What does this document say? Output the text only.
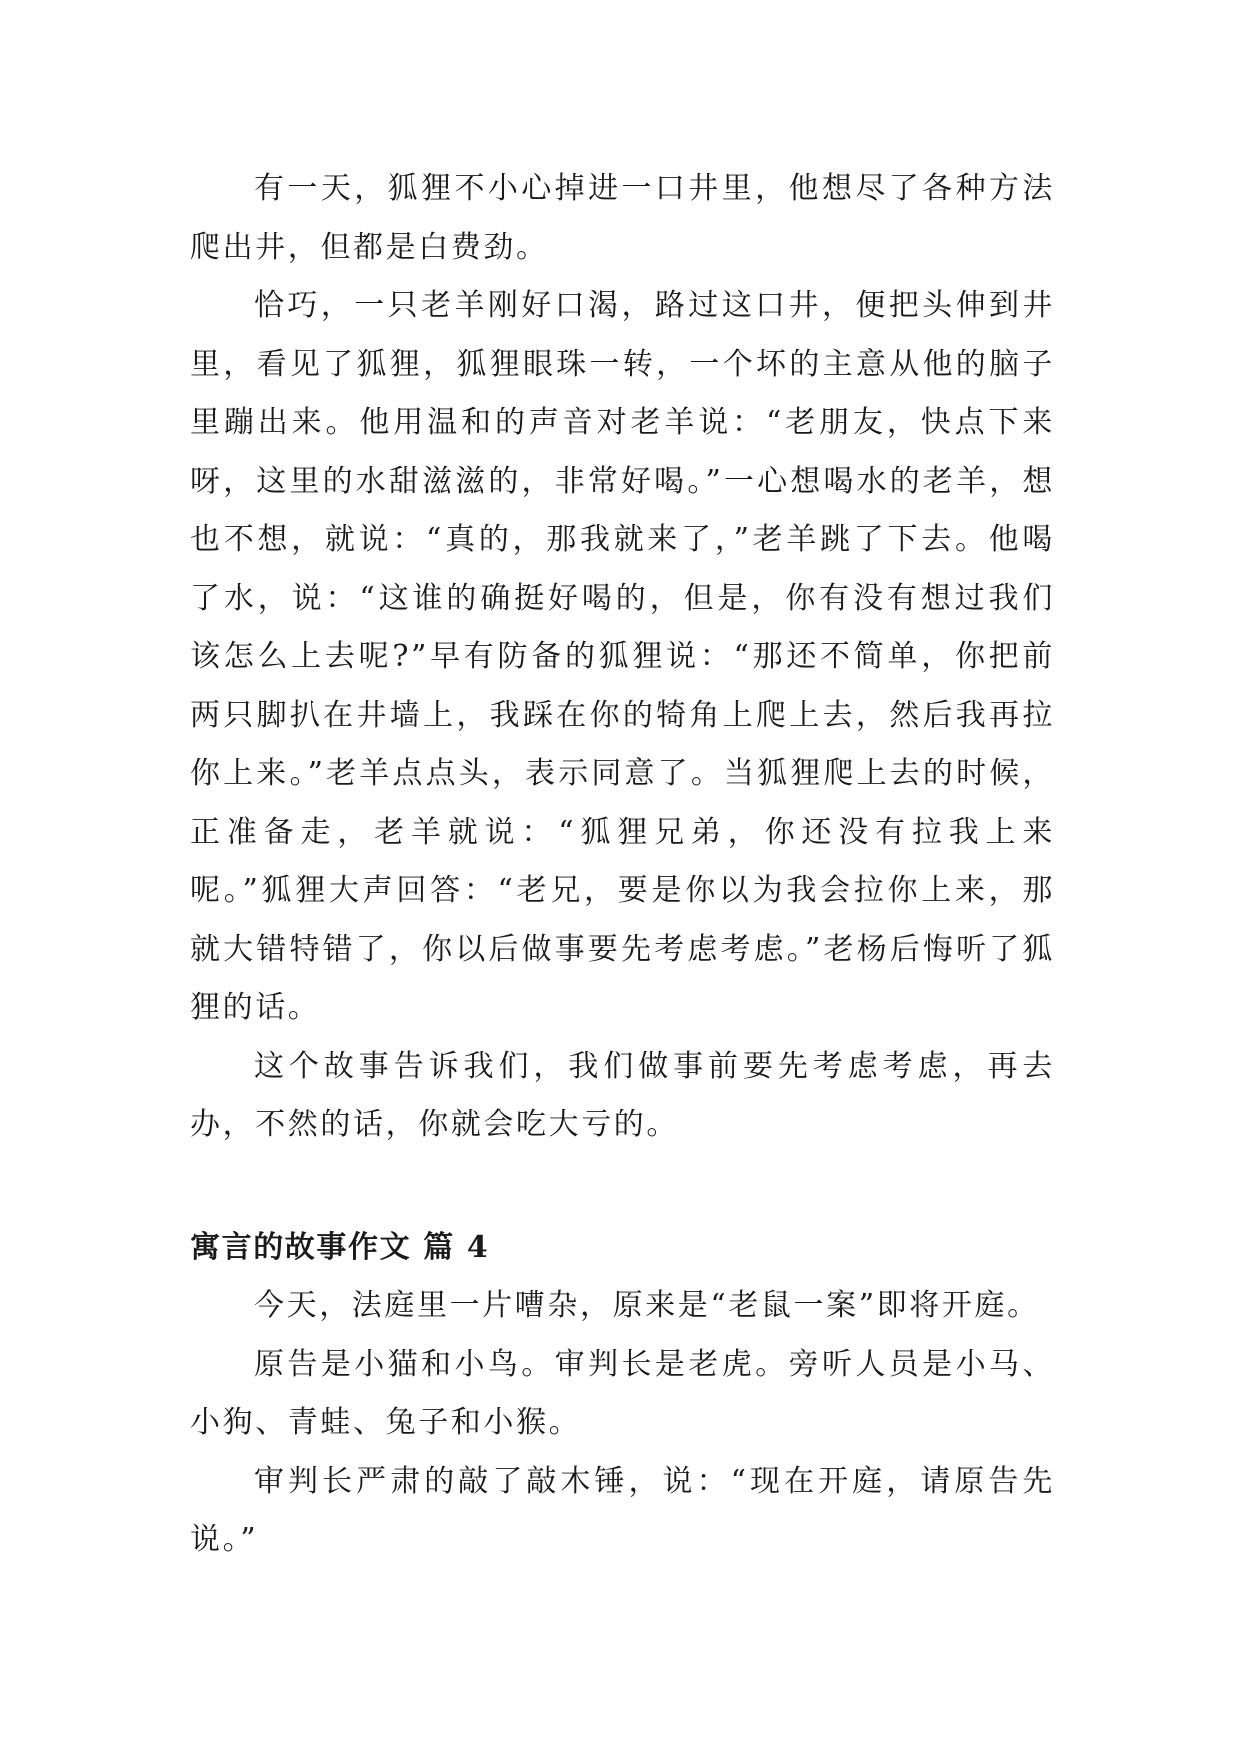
有一天，狐狸不小心掉进一口井里，他想尽了各种方法爬出井，但都是白费劲。

恰巧，一只老羊刚好口渴，路过这口井，便把头伸到井里，看见了狐狸，狐狸眼珠一转，一个坏的主意从他的脑子里蹦出来。他用温和的声音对老羊说：“老朋友，快点下来呀，这里的水甜滋滋的，非常好喝。”一心想喝水的老羊，想也不想，就说：“真的，那我就来了，”老羊跳了下去。他喝了水，说：“这谁的确挺好喝的，但是，你有没有想过我们该怎么上去呢?”早有防备的狐狸说：“那还不简单，你把前两只脚扒在井墙上，我踩在你的犄角上爬上去，然后我再拉你上来。”老羊点点头，表示同意了。当狐狸爬上去的时候，正准备走，老羊就说：“狐狸兄弟，你还没有拉我上来呢。”狐狸大声回答：“老兄，要是你以为我会拉你上来，那就大错特错了，你以后做事要先考虑考虑。”老杨后悔听了狐狸的话。

这个故事告诉我们，我们做事前要先考虑考虑，再去办，不然的话，你就会吃大亏的。

寓言的故事作文 篇 4

今天，法庭里一片嘈杂，原来是“老鼠一案”即将开庭。

原告是小猫和小鸟。审判长是老虎。旁听人员是小马、小狗、青蛙、兔子和小猴。

审判长严肃的敲了敲木锤，说：“现在开庭，请原告先说。”
